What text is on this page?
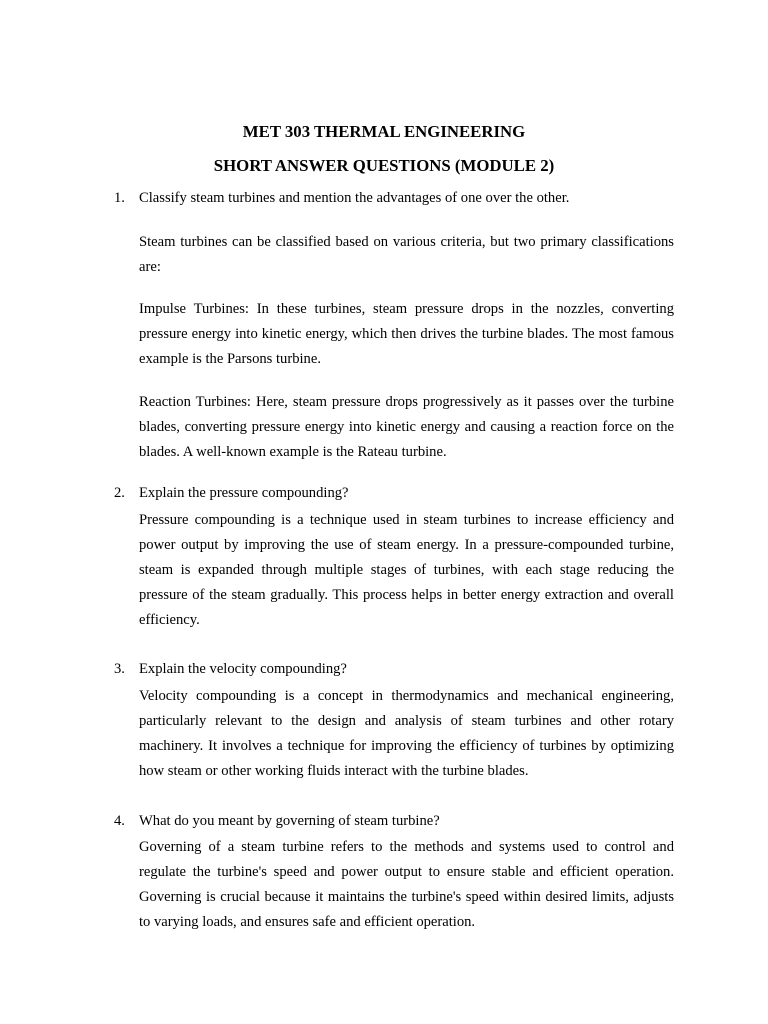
MET 303 THERMAL ENGINEERING
SHORT ANSWER QUESTIONS (MODULE 2)
1. Classify steam turbines and mention the advantages of one over the other.

Steam turbines can be classified based on various criteria, but two primary classifications are:

Impulse Turbines: In these turbines, steam pressure drops in the nozzles, converting pressure energy into kinetic energy, which then drives the turbine blades. The most famous example is the Parsons turbine.

Reaction Turbines: Here, steam pressure drops progressively as it passes over the turbine blades, converting pressure energy into kinetic energy and causing a reaction force on the blades. A well-known example is the Rateau turbine.

2. Explain the pressure compounding?

Pressure compounding is a technique used in steam turbines to increase efficiency and power output by improving the use of steam energy. In a pressure-compounded turbine, steam is expanded through multiple stages of turbines, with each stage reducing the pressure of the steam gradually. This process helps in better energy extraction and overall efficiency.

3. Explain the velocity compounding?

Velocity compounding is a concept in thermodynamics and mechanical engineering, particularly relevant to the design and analysis of steam turbines and other rotary machinery. It involves a technique for improving the efficiency of turbines by optimizing how steam or other working fluids interact with the turbine blades.

4. What do you meant by governing of steam turbine?

Governing of a steam turbine refers to the methods and systems used to control and regulate the turbine's speed and power output to ensure stable and efficient operation. Governing is crucial because it maintains the turbine's speed within desired limits, adjusts to varying loads, and ensures safe and efficient operation.
